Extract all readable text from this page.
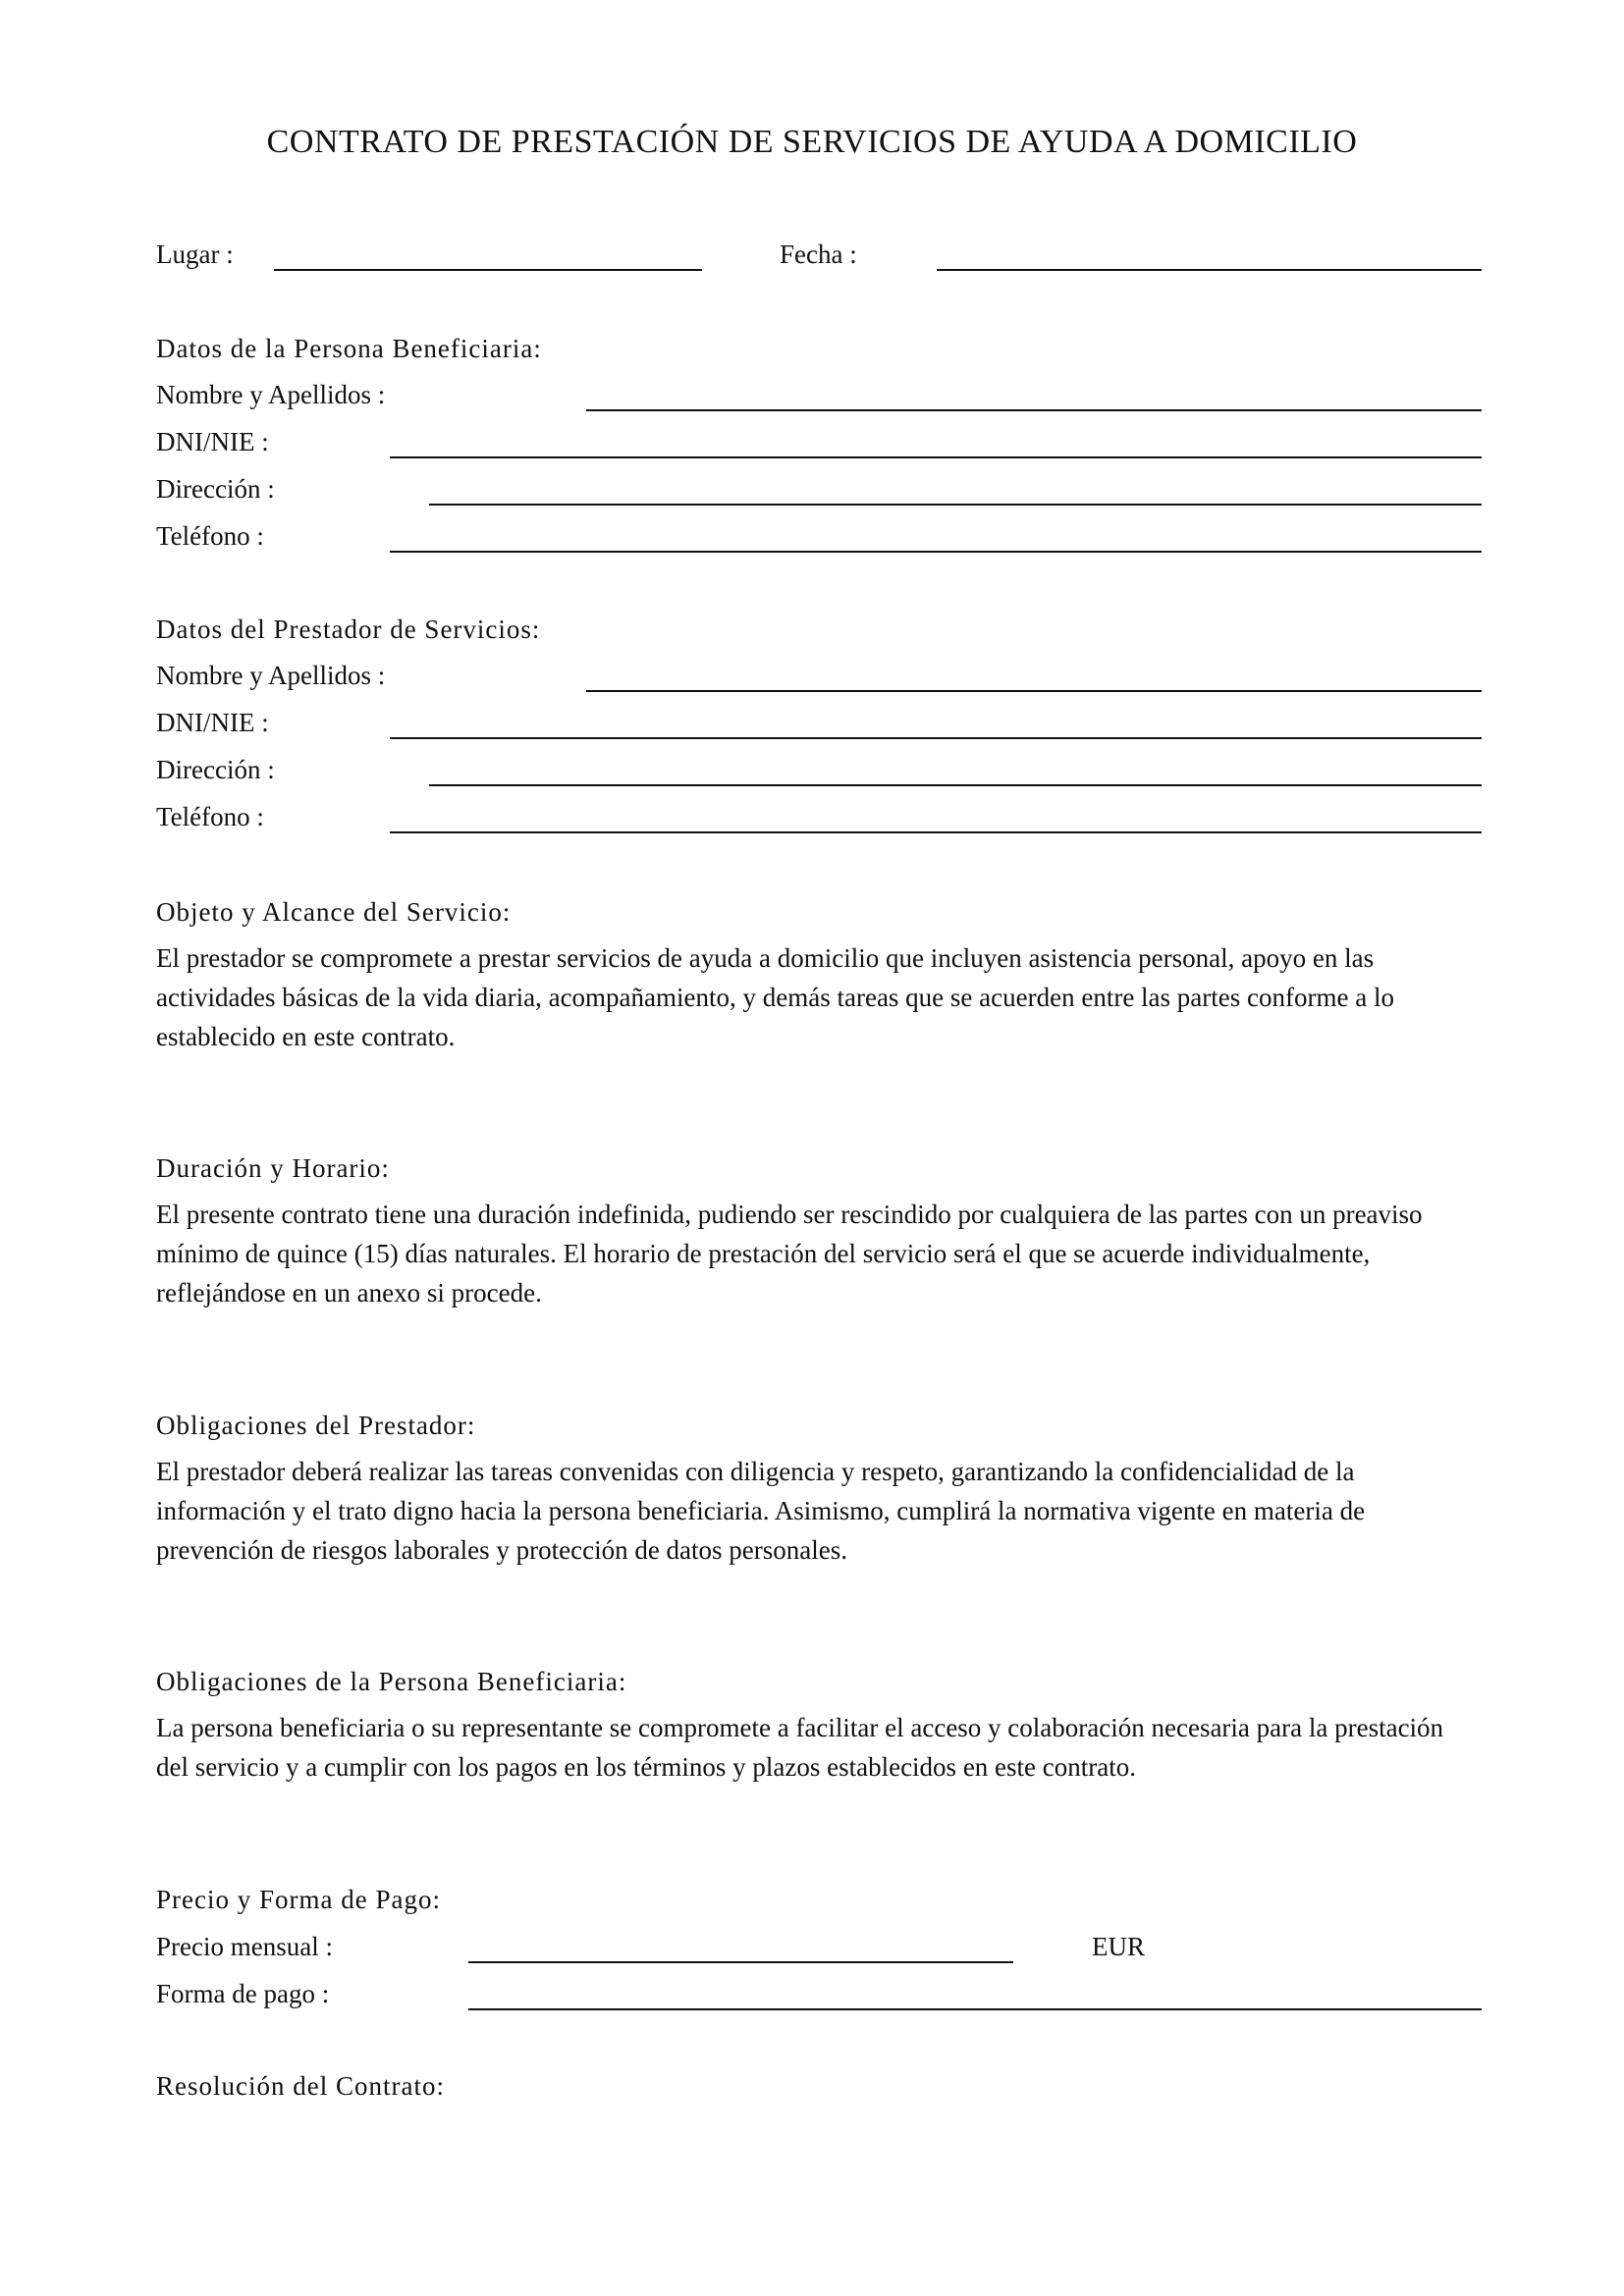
CONTRATO DE PRESTACIÓN DE SERVICIOS DE AYUDA A DOMICILIO
Lugar :	Fecha :
Datos de la Persona Beneficiaria:
Nombre y Apellidos :
DNI/NIE :
Dirección :
Teléfono :
Datos del Prestador de Servicios:
Nombre y Apellidos :
DNI/NIE :
Dirección :
Teléfono :
Objeto y Alcance del Servicio:
El prestador se compromete a prestar servicios de ayuda a domicilio que incluyen asistencia personal, apoyo en las actividades básicas de la vida diaria, acompañamiento, y demás tareas que se acuerden entre las partes conforme a lo establecido en este contrato.
Duración y Horario:
El presente contrato tiene una duración indefinida, pudiendo ser rescindido por cualquiera de las partes con un preaviso mínimo de quince (15) días naturales. El horario de prestación del servicio será el que se acuerde individualmente, reflejándose en un anexo si procede.
Obligaciones del Prestador:
El prestador deberá realizar las tareas convenidas con diligencia y respeto, garantizando la confidencialidad de la información y el trato digno hacia la persona beneficiaria. Asimismo, cumplirá la normativa vigente en materia de prevención de riesgos laborales y protección de datos personales.
Obligaciones de la Persona Beneficiaria:
La persona beneficiaria o su representante se compromete a facilitar el acceso y colaboración necesaria para la prestación del servicio y a cumplir con los pagos en los términos y plazos establecidos en este contrato.
Precio y Forma de Pago:
Precio mensual :	EUR
Forma de pago :
Resolución del Contrato:
